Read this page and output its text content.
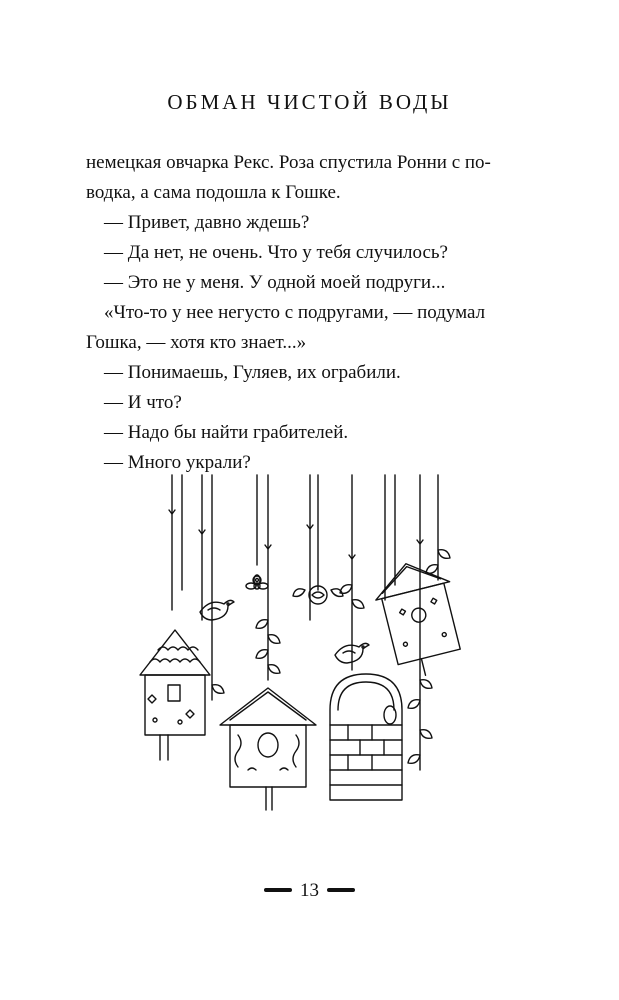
ОБМАН ЧИСТОЙ ВОДЫ
немецкая овчарка Рекс. Роза спустила Ронни с по-
водка, а сама подошла к Гошке.
— Привет, давно ждешь?
— Да нет, не очень. Что у тебя случилось?
— Это не у меня. У одной моей подруги...
«Что-то у нее негусто с подругами, — подумал
Гошка, — хотя кто знает...»
— Понимаешь, Гуляев, их ограбили.
— И что?
— Надо бы найти грабителей.
— Много украли?
13
